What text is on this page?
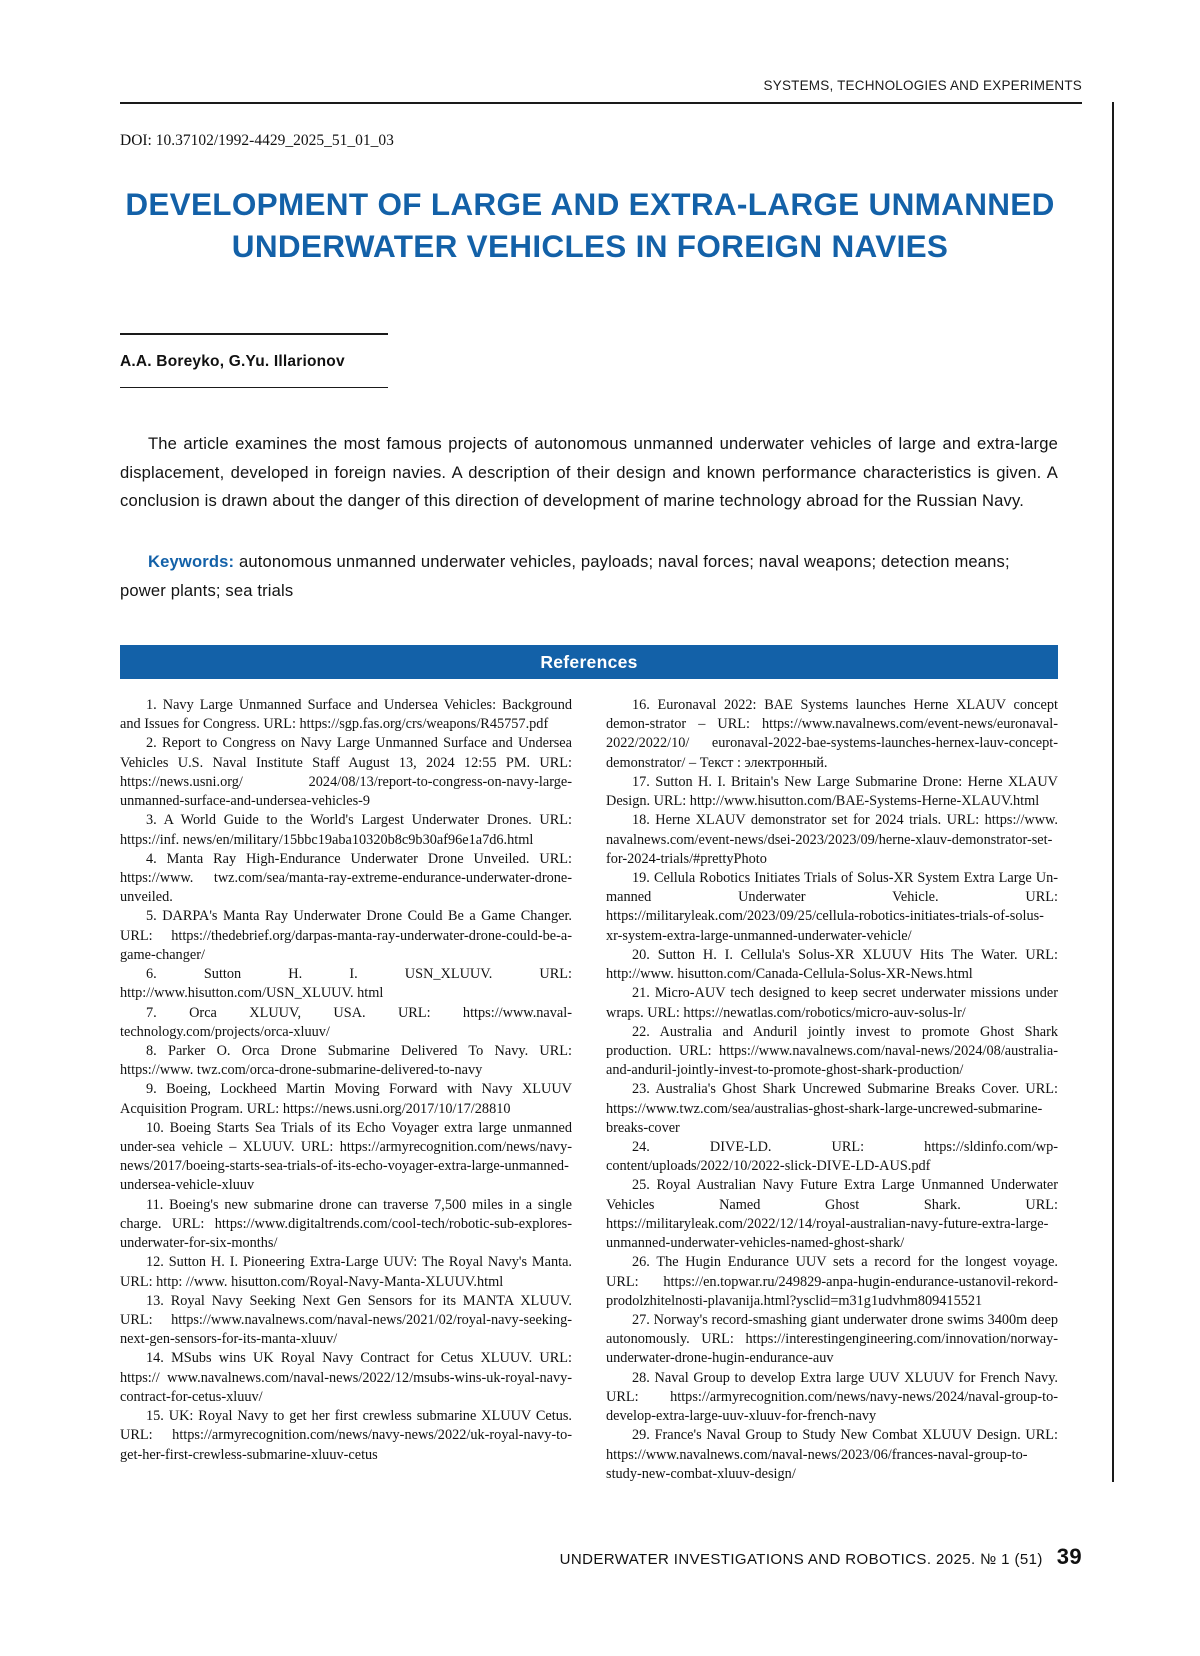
SYSTEMS, TECHNOLOGIES AND EXPERIMENTS
DOI: 10.37102/1992-4429_2025_51_01_03
DEVELOPMENT OF LARGE AND EXTRA-LARGE UNMANNED UNDERWATER VEHICLES IN FOREIGN NAVIES
A.A. Boreyko, G.Yu. Illarionov

The article examines the most famous projects of autonomous unmanned underwater vehicles of large and extra-large displacement, developed in foreign navies. A description of their design and known performance characteristics is given. A conclusion is drawn about the danger of this direction of development of marine technology abroad for the Russian Navy.

Keywords: autonomous unmanned underwater vehicles, payloads; naval forces; naval weapons; detection means; power plants; sea trials

References
1. Navy Large Unmanned Surface and Undersea Vehicles: Background and Issues for Congress. URL: https://sgp.fas.org/crs/weapons/R45757.pdf
2. Report to Congress on Navy Large Unmanned Surface and Undersea Vehicles U.S. Naval Institute Staff August 13, 2024 12:55 PM. URL: https://news.usni.org/ 2024/08/13/report-to-congress-on-navy-large-unmanned-surface-and-undersea-vehicles-9
3. A World Guide to the World's Largest Underwater Drones. URL: https://inf. news/en/military/15bbc19aba10320b8c9b30af96e1a7d6.html
4. Manta Ray High-Endurance Underwater Drone Unveiled. URL: https://www. twz.com/sea/manta-ray-extreme-endurance-underwater-drone-unveiled.
5. DARPA's Manta Ray Underwater Drone Could Be a Game Changer. URL: https://thedebrief.org/darpas-manta-ray-underwater-drone-could-be-a-game-changer/
6. Sutton H. I. USN_XLUUV. URL: http://www.hisutton.com/USN_XLUUV. html
7. Orca XLUUV, USA. URL: https://www.naval-technology.com/projects/orca-xluuv/
8. Parker O. Orca Drone Submarine Delivered To Navy. URL: https://www. twz.com/orca-drone-submarine-delivered-to-navy
9. Boeing, Lockheed Martin Moving Forward with Navy XLUUV Acquisition Program. URL: https://news.usni.org/2017/10/17/28810
10. Boeing Starts Sea Trials of its Echo Voyager extra large unmanned under-sea vehicle – XLUUV. URL: https://armyrecognition.com/news/navy-news/2017/boeing-starts-sea-trials-of-its-echo-voyager-extra-large-unmanned-undersea-vehicle-xluuv
11. Boeing's new submarine drone can traverse 7,500 miles in a single charge. URL: https://www.digitaltrends.com/cool-tech/robotic-sub-explores-underwater-for-six-months/
12. Sutton H. I. Pioneering Extra-Large UUV: The Royal Navy's Manta. URL: http: //www. hisutton.com/Royal-Navy-Manta-XLUUV.html
13. Royal Navy Seeking Next Gen Sensors for its MANTA XLUUV. URL: https://www.navalnews.com/naval-news/2021/02/royal-navy-seeking-next-gen-sensors-for-its-manta-xluuv/
14. MSubs wins UK Royal Navy Contract for Cetus XLUUV. URL: https:// www.navalnews.com/naval-news/2022/12/msubs-wins-uk-royal-navy-contract-for-cetus-xluuv/
15. UK: Royal Navy to get her first crewless submarine XLUUV Cetus. URL: https://armyrecognition.com/news/navy-news/2022/uk-royal-navy-to-get-her-first-crewless-submarine-xluuv-cetus
16. Euronaval 2022: BAE Systems launches Herne XLAUV concept demon-strator – URL: https://www.navalnews.com/event-news/euronaval-2022/2022/10/ euronaval-2022-bae-systems-launches-hernex-lauv-concept-demonstrator/ – Текст : электронный.
17. Sutton H. I. Britain's New Large Submarine Drone: Herne XLAUV Design. URL: http://www.hisutton.com/BAE-Systems-Herne-XLAUV.html
18. Herne XLAUV demonstrator set for 2024 trials. URL: https://www. navalnews.com/event-news/dsei-2023/2023/09/herne-xlauv-demonstrator-set-for-2024-trials/#prettyPhoto
19. Cellula Robotics Initiates Trials of Solus-XR System Extra Large Un-manned Underwater Vehicle. URL: https://militaryleak.com/2023/09/25/cellula-robotics-initiates-trials-of-solus-xr-system-extra-large-unmanned-underwater-vehicle/
20. Sutton H. I. Cellula's Solus-XR XLUUV Hits The Water. URL: http://www. hisutton.com/Canada-Cellula-Solus-XR-News.html
21. Micro-AUV tech designed to keep secret underwater missions under wraps. URL: https://newatlas.com/robotics/micro-auv-solus-lr/
22. Australia and Anduril jointly invest to promote Ghost Shark production. URL: https://www.navalnews.com/naval-news/2024/08/australia-and-anduril-jointly-invest-to-promote-ghost-shark-production/
23. Australia's Ghost Shark Uncrewed Submarine Breaks Cover. URL: https://www.twz.com/sea/australias-ghost-shark-large-uncrewed-submarine-breaks-cover
24. DIVE-LD. URL: https://sldinfo.com/wp-content/uploads/2022/10/2022-slick-DIVE-LD-AUS.pdf
25. Royal Australian Navy Future Extra Large Unmanned Underwater Vehicles Named Ghost Shark. URL: https://militaryleak.com/2022/12/14/royal-australian-navy-future-extra-large-unmanned-underwater-vehicles-named-ghost-shark/
26. The Hugin Endurance UUV sets a record for the longest voyage. URL: https://en.topwar.ru/249829-anpa-hugin-endurance-ustanovil-rekord-prodolzhitelnosti-plavanija.html?ysclid=m31g1udvhm809415521
27. Norway's record-smashing giant underwater drone swims 3400m deep autonomously. URL: https://interestingengineering.com/innovation/norway-underwater-drone-hugin-endurance-auv
28. Naval Group to develop Extra large UUV XLUUV for French Navy. URL: https://armyrecognition.com/news/navy-news/2024/naval-group-to-develop-extra-large-uuv-xluuv-for-french-navy
29. France's Naval Group to Study New Combat XLUUV Design. URL: https://www.navalnews.com/naval-news/2023/06/frances-naval-group-to-study-new-combat-xluuv-design/
UNDERWATER INVESTIGATIONS AND ROBOTICS. 2025. № 1 (51) 39
